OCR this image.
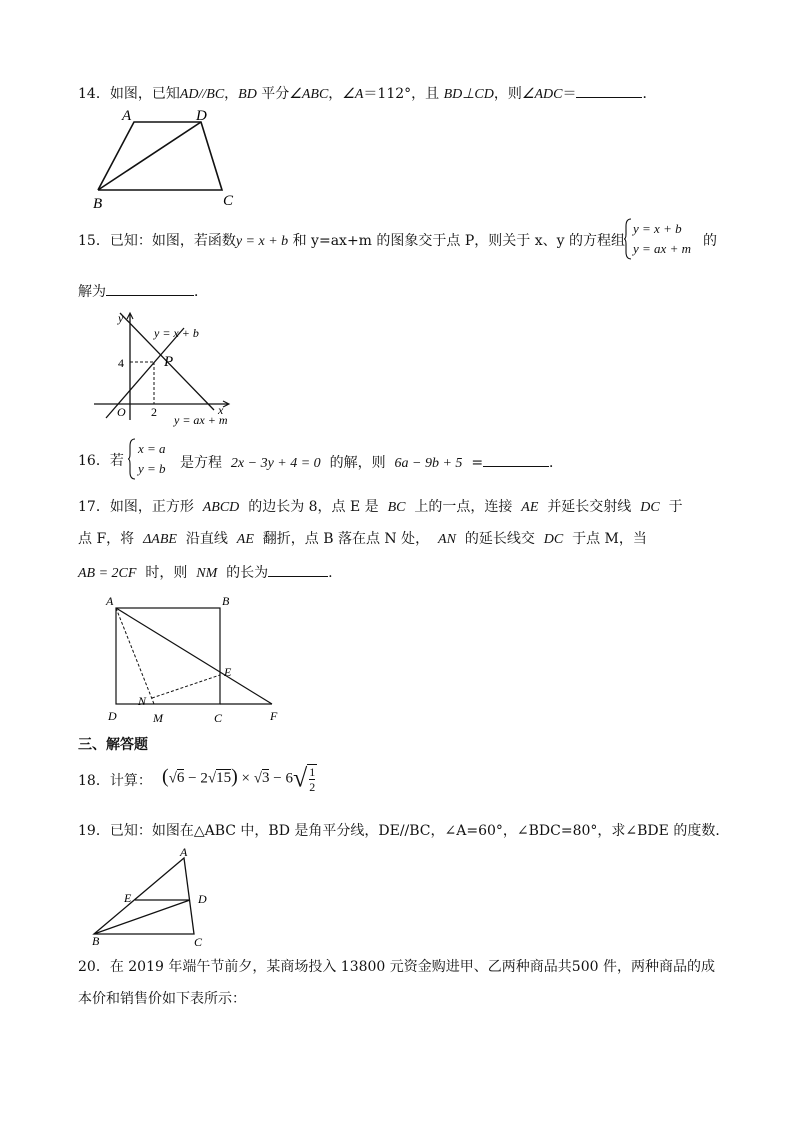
14．如图，已知AD//BC，BD 平分∠ABC，∠A＝112°，且 BD⊥CD，则∠ADC＝	．
A	D
B	C
15．已知：如图，若函数y = x + b 和 y=ax+m 的图象交于点 P，则关于 x、y 的方程组
y = x + b
y = ax + m 的
解为	．
y
x
O
P
4
2
y = x + b
y = ax + m
16．若
x = a
y = b 是方程 2x − 3y + 4 = 0 的解，则 6a − 9b + 5 =	．
17．如图，正方形 ABCD 的边长为 8，点 E 是 BC 上的一点，连接 AE 并延长交射线 DC 于
点 F，将 ΔABE 沿直线 AE 翻折，点 B 落在点 N 处， AN 的延长线交 DC 于点 M，当
AB = 2CF 时，则 NM 的长为	.
A	B
E
N
D	M	C	F
三、解答题
18．计算： $(√6 - 2√15) \times √3 - 6√ \frac{1}{2}$
19．已知：如图在△ABC 中，BD 是角平分线，DE//BC，∠A=60°，∠BDC=80°，求∠BDE 的度数．
A
E	D
B	C
20．在 2019 年端午节前夕，某商场投入 13800 元资金购进甲、乙两种商品共500 件，两种商品的成
本价和销售价如下表所示：
